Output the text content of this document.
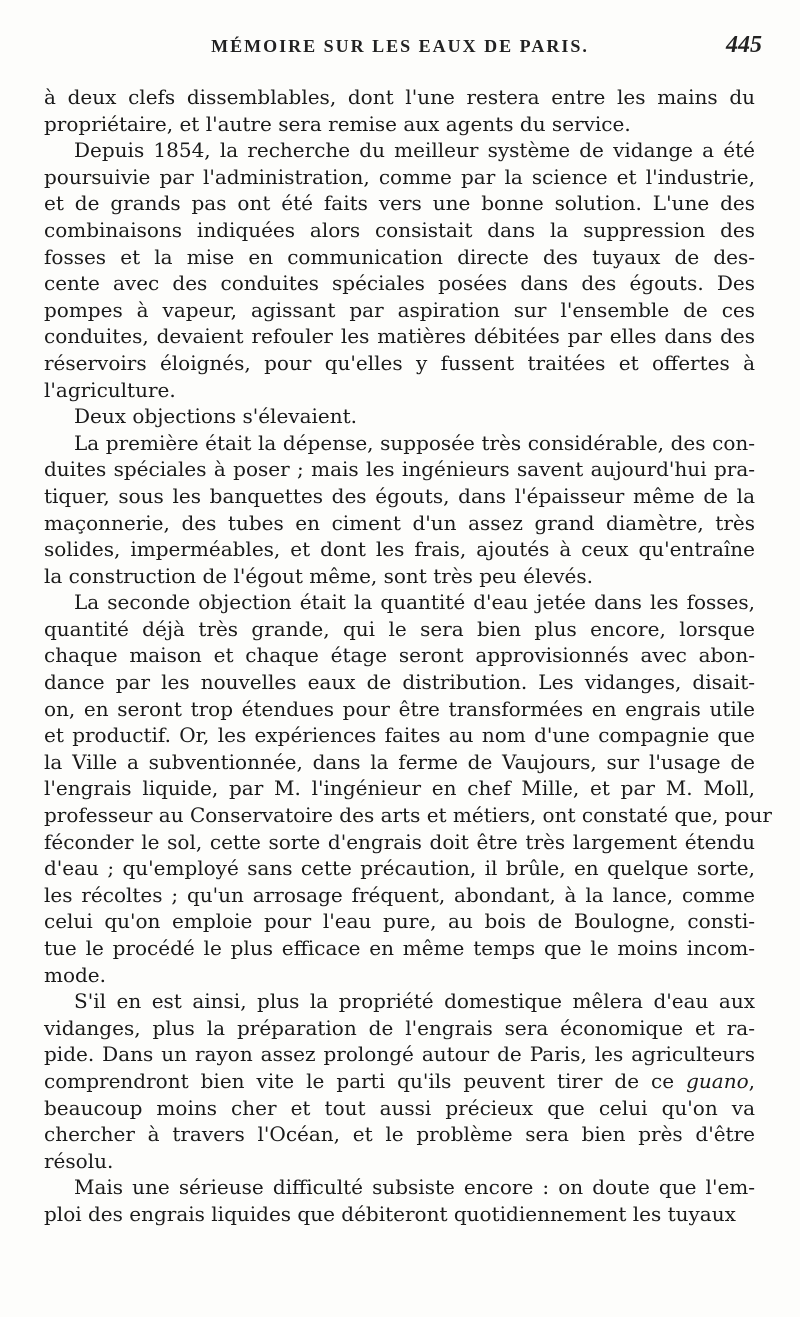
MÉMOIRE SUR LES EAUX DE PARIS.	445

à deux clefs dissemblables, dont l'une restera entre les mains du
propriétaire, et l'autre sera remise aux agents du service.

Depuis 1854, la recherche du meilleur système de vidange a été
poursuivie par l'administration, comme par la science et l'industrie,
et de grands pas ont été faits vers une bonne solution. L'une des
combinaisons indiquées alors consistait dans la suppression des
fosses et la mise en communication directe des tuyaux de des-
cente avec des conduites spéciales posées dans des égouts. Des
pompes à vapeur, agissant par aspiration sur l'ensemble de ces
conduites, devaient refouler les matières débitées par elles dans des
réservoirs éloignés, pour qu'elles y fussent traitées et offertes à
l'agriculture.

Deux objections s'élevaient.

La première était la dépense, supposée très considérable, des con-
duites spéciales à poser ; mais les ingénieurs savent aujourd'hui pra-
tiquer, sous les banquettes des égouts, dans l'épaisseur même de la
maçonnerie, des tubes en ciment d'un assez grand diamètre, très
solides, imperméables, et dont les frais, ajoutés à ceux qu'entraîne
la construction de l'égout même, sont très peu élevés.

La seconde objection était la quantité d'eau jetée dans les fosses,
quantité déjà très grande, qui le sera bien plus encore, lorsque
chaque maison et chaque étage seront approvisionnés avec abon-
dance par les nouvelles eaux de distribution. Les vidanges, disait-
on, en seront trop étendues pour être transformées en engrais utile
et productif. Or, les expériences faites au nom d'une compagnie que
la Ville a subventionnée, dans la ferme de Vaujours, sur l'usage de
l'engrais liquide, par M. l'ingénieur en chef Mille, et par M. Moll,
professeur au Conservatoire des arts et métiers, ont constaté que, pour
féconder le sol, cette sorte d'engrais doit être très largement étendu
d'eau ; qu'employé sans cette précaution, il brûle, en quelque sorte,
les récoltes ; qu'un arrosage fréquent, abondant, à la lance, comme
celui qu'on emploie pour l'eau pure, au bois de Boulogne, consti-
tue le procédé le plus efficace en même temps que le moins incom-
mode.

S'il en est ainsi, plus la propriété domestique mêlera d'eau aux
vidanges, plus la préparation de l'engrais sera économique et ra-
pide. Dans un rayon assez prolongé autour de Paris, les agriculteurs
comprendront bien vite le parti qu'ils peuvent tirer de ce guano,
beaucoup moins cher et tout aussi précieux que celui qu'on va
chercher à travers l'Océan, et le problème sera bien près d'être
résolu.

Mais une sérieuse difficulté subsiste encore : on doute que l'em-
ploi des engrais liquides que débiteront quotidiennement les tuyaux
